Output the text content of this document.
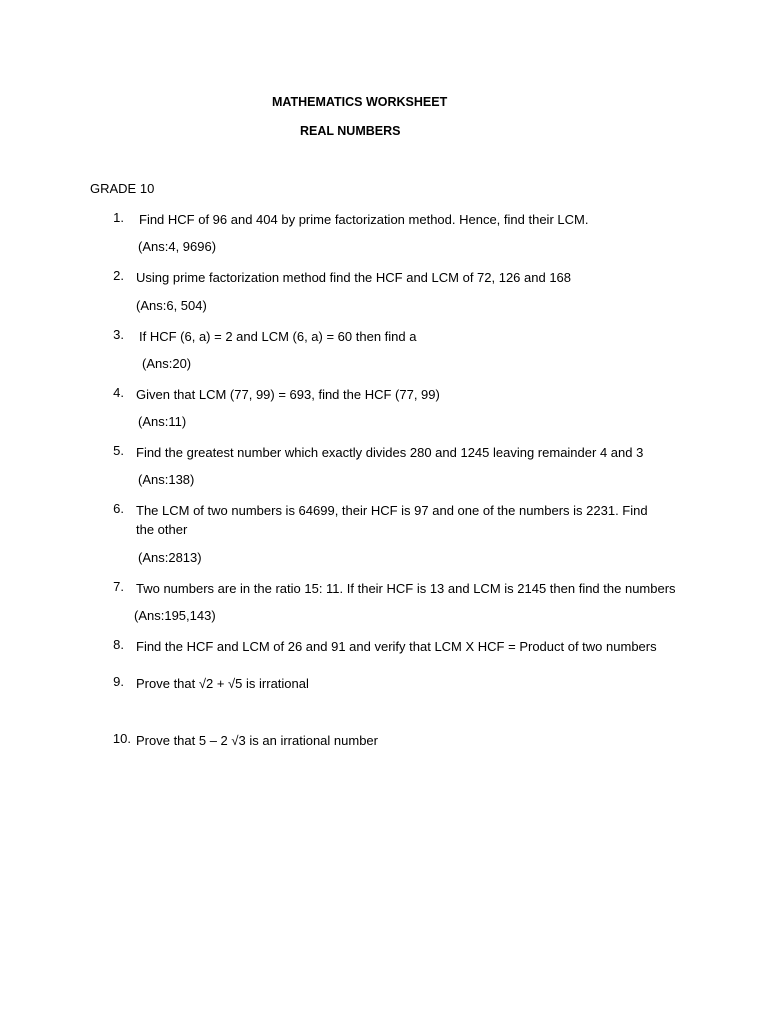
MATHEMATICS WORKSHEET
REAL NUMBERS
GRADE 10
1. Find HCF of 96 and 404 by prime factorization method. Hence, find their LCM.
(Ans:4, 9696)
2. Using prime factorization method find the HCF and LCM of 72, 126 and 168
(Ans:6, 504)
3. If HCF (6, a) = 2 and LCM (6, a) = 60 then find a
(Ans:20)
4. Given that LCM (77, 99) = 693, find the HCF (77, 99)
(Ans:11)
5. Find the greatest number which exactly divides 280 and 1245 leaving remainder 4 and 3
(Ans:138)
6. The LCM of two numbers is 64699, their HCF is 97 and one of the numbers is 2231. Find the other
(Ans:2813)
7. Two numbers are in the ratio 15: 11. If their HCF is 13 and LCM is 2145 then find the numbers
(Ans:195,143)
8. Find the HCF and LCM of 26 and 91 and verify that LCM X HCF = Product of two numbers
9. Prove that √2 + √5 is irrational
10. Prove that 5 – 2 √3 is an irrational number
